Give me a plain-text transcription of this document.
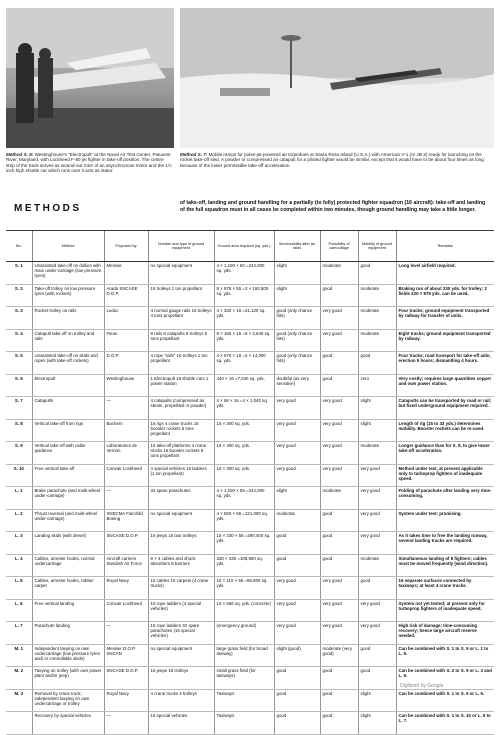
Method S. 6: Westinghouse's "Electropult" at the Naval Air Test Center, Patuxent River, Maryland, with Lockheed F-80 jet fighter in take-off position. The centre strip of the track serves as wound-out rotor of an asynchronous motor and the 1½ inch high shuttle car which runs over it acts as stator.
Method S. 7: Mobile ramps for pulse-jet-powered air torpedoes at Santa Rosa Island (U.S.A.) with American V-1 (or JB-2) ready for launching on the rocket take-off sled. A powder or compressed air catapult for a piloted fighter would be similar, except that it would have to be about four times as long because of the lower permissible take-off acceleration.
METHODS	of take-off, landing and ground handling for a partially (to fully) protected fighter squadron (16 aircraft): take-off and landing of the full squadron must in all cases be completed within two minutes, though ground handling may take a little longer.
No.	Method	Proposed by	Number and type of ground equipment	Ground area required (sq. yds.)	Serviceability after air raids	Possibility of camouflage	Mobility of ground equipment	Remarks
S. 1	Unassisted take-off on dollies with main under-carriage (low pressure tyres)	Messier	no special equipment	4 × 1,100 × 50 =242,000 sq. yds.	slight	moderate	good	Long level airfield required.
S. 2	Take-off trolley on low pressure tyres (with rockets)	Arado SNCASE D.O.P.	16 trolleys 1 ton propellant	8 × 875 × 55 =3 × 192,500 sq. yds.	slight	good	moderate	Braking run of about 330 yds. for trolley; 2 fields 220 × 875 yds. can be used.
S. 3	Rocket trolley on rails	Leduc	4 normal gauge rails 16 trolleys 4 tons propellant	4 × 330 × 16 =21,120 sq. yds.	good (only chance hits)	very good	moderate	Four tracks; ground equipment transported by railway for transfer of units.
S. 4	Catapult take-off on trolley and rails	Fieux	8 rails 8 catapults 8 trolleys 5 tons propellant	8 × 165 × 16 =8 × 2,640 sq. yds.	good (only chance hits)	very good	moderate	Eight tracks; ground equipment transported by railway.
S. 5	Unassisted take-off on skids and ropes (with take-off rockets)	D.O.P.	4 rope "rails" 16 trolleys 1 ton propellant	4 × 875 × 16 =4 × 14,000 sq. yds.	good (only chance hits)	good	good	Four tracks; road transport for take-off aids; erection 5 hours; dismantling 4 hours.
S. 6	Electropult	Westinghouse	1 Electropult 16 shuttle cars 1 power station	440 × 16 =7,040 sq. yds.	doubtful (as very sensitive)	good	zero	Very costly; requires large quantities copper and own power station.
S. 7	Catapults	—	4 catapults (compressed air, steam, propellant or powder)	4 × 66 × 16 =4 × 1,040 sq. yds.	very good	very good	slight	Catapults can be transported by road or rail; but fixed underground equipment required.
S. 8	Vertical take-off from rigs	Bachem	16 rigs 4 crane trucks 16 booster rockets 5 tons propellant	16 × 300 sq. yds.	very good	very good	slight	Length of rig (15 to 33 yds.) determines mobility. Booster rockets can be re-used.
S. 9	Vertical take-off with cable guidance	Laboratoires de Vernon	16 take-off platforms 4 crane trucks 16 booster rockets 5 tons propellant	16 × 300 sq. yds.	very good	very good	moderate	Longer guidance than for S. 8, to give lower take-off acceleration.
S. 10	Free vertical take-off	Convair Lockheed	4 special vehicles 16 ladders (1 ton propellant)	16 × 300 sq. yds.	very good	very good	very good	Method under test, at present applicable only to turboprop fighters of inadequate speed.
L. 1	Brake parachute (and multi-wheel under-carriage)	—	32 spare parachutes	4 × 1,100 × 55 =242,000 sq. yds.	slight	moderate	very good	Folding of parachute after landing very time-consuming.
L. 2	Thrust reversal (and multi-wheel under-carriage)	SNECMA Fairchild Boeing	no special equipment	4 × 550 × 55 =121,000 sq. yds.	moderate	good	very good	System under test; promising.
L. 3	Landing skids (with diesel)	SNCASE D.O.P.	16 jeeps 16 taxi trolleys	16 × 330 × 55 =290,400 sq. yds.	good	good	very good	As it takes time to free the landing runway, several landing tracks are required.
L. 4	Cables, arrester hooks, normal undercarriage	Aircraft carriers Swedish Air Force	8 × 4 cables and shock absorbers 8 barriers	330 × 330 =108,900 sq. yds.	good	good	moderate	Simultaneous landing of 8 fighters; cables must be moved frequently (wind direction).
L. 5	Cables, arrester hooks, rubber carpet	Royal Navy	16 cables 16 carpets (4 crane trucks)	16 × 110 × 55 =96,800 sq. yds.	very good	very good	good	16 separate surfaces connected by taxiways; at least 4 crane trucks.
L. 6	Free vertical landing	Convair Lockheed	16 rope ladders (4 special vehicles)	16 × 666 sq. yds. (concrete)	very good	very good	very good	System not yet tested; at present only for turboprop fighters of inadequate speed.
L. 7	Parachute landing	—	16 rope ladders 32 spare parachutes (16 special vehicles)	(emergency ground)	very good	very good	very good	High risk of damage; time-consuming recovery; hence large aircraft reserve needed.
M. 1	Independent taxying on own undercarriage (low pressure tyres and/ or controllable skids)	Messier D.O.P. SNCAN	no special equipment	large grass field (for broad taxiway)	slight (good)	moderate (very good)	good	Can be combined with S. 1 to S. 9 or L. 1 to L. 5.
M. 2	Taxying on trolley (with own power plant and/or jeep)	SNCASE D.O.P.	16 jeeps 16 trolleys	small grass field (for taxiways)	good	good	good	Can be combined with S. 2 to S. 9 or L. 3 and L. 5.
M. 3	Removal by crane truck; independent taxying on own undercarriage or trolley	Royal Navy	4 crane trucks 4 trolleys	Taxiways	good	good	slight	Can be combined with S. 1 to S. 9 or L. 5.
	Recovery by special vehicles	—	16 special vehicles	Taxiways	good	good	slight	Can be combined with S. 1 to S. 10 or L. 5 to L. 7.
Digitized by Google
